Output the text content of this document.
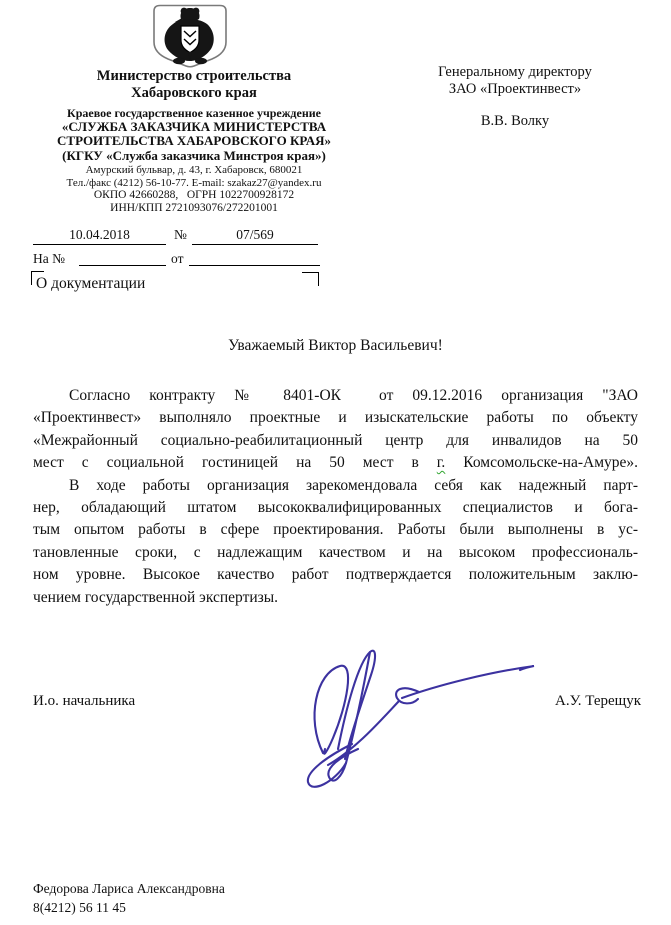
Министерство строительства
Хабаровского края
Краевое государственное казенное учреждение
«СЛУЖБА ЗАКАЗЧИКА МИНИСТЕРСТВА
СТРОИТЕЛЬСТВА ХАБАРОВСКОГО КРАЯ»
(КГКУ «Служба заказчика Минстроя края»)
Амурский бульвар, д. 43, г. Хабаровск, 680021
Тел./факс (4212) 56-10-77. E-mail: szakaz27@yandex.ru
ОКПО 42660288,   ОГРН 1022700928172
ИНН/КПП 2721093076/272201001
Генеральному директору
ЗАО «Проектинвест»
В.В. Волку
10.04.2018	№	07/569
На №	от
О документации
Уважаемый Виктор Васильевич!
Согласно контракту № 8401-ОК  от 09.12.2016 организация "ЗАО
«Проектинвест» выполняло проектные и изыскательские работы по объекту
«Межрайонный социально-реабилитационный центр для инвалидов на 50
мест с социальной гостиницей на 50 мест в г. Комсомольске-на-Амуре».
В ходе работы организация зарекомендовала себя как надежный парт-
нер, обладающий штатом высококвалифицированных специалистов и бога-
тым опытом работы в сфере проектирования. Работы были выполнены в ус-
тановленные сроки, с надлежащим качеством и на высоком профессиональ-
ном уровне. Высокое качество работ подтверждается положительным заклю-
чением государственной экспертизы.
И.о. начальника	А.У. Терещук
Федорова Лариса Александровна
8(4212) 56 11 45
